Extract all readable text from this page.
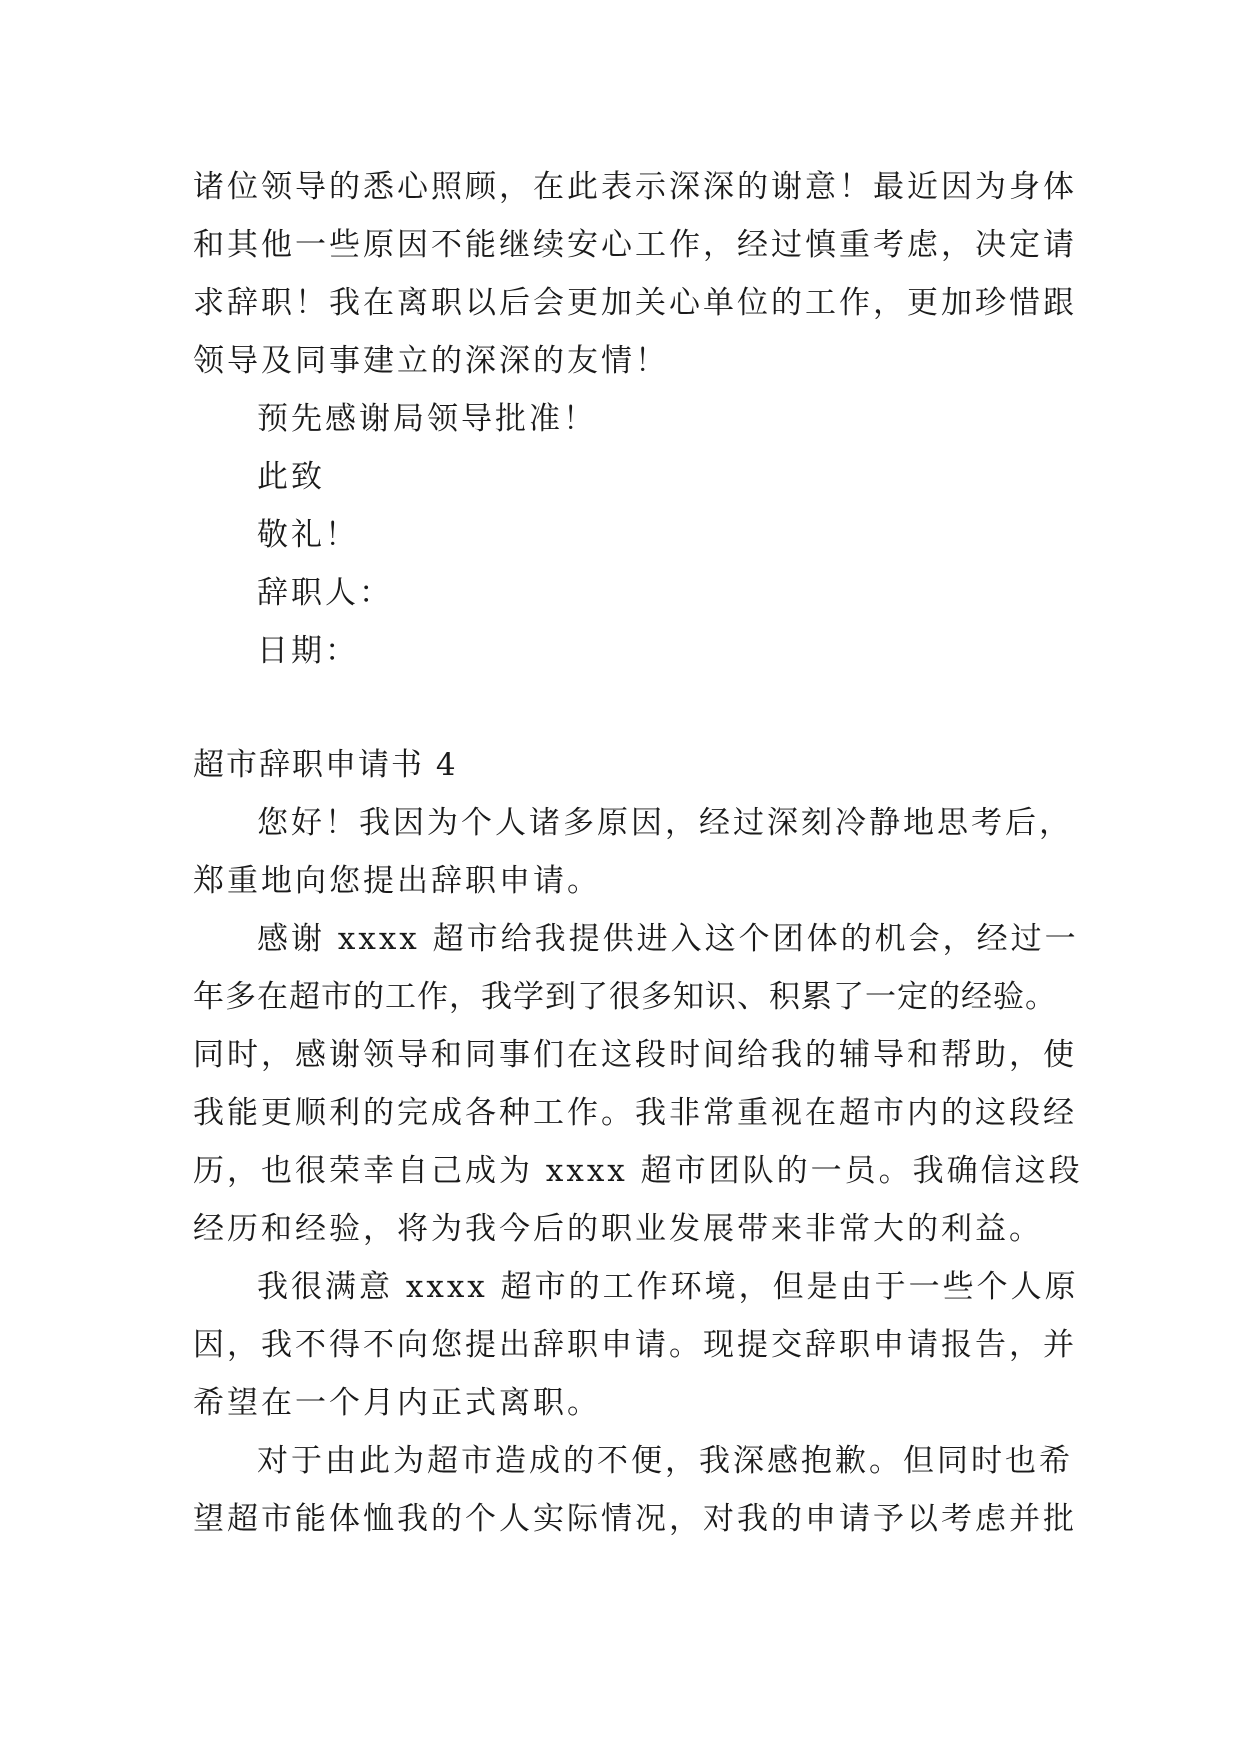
诸位领导的悉心照顾，在此表示深深的谢意！最近因为身体
和其他一些原因不能继续安心工作，经过慎重考虑，决定请
求辞职！我在离职以后会更加关心单位的工作，更加珍惜跟
领导及同事建立的深深的友情！
预先感谢局领导批准！
此致
敬礼！
辞职人：
日期：
超市辞职申请书 4
您好！我因为个人诸多原因，经过深刻冷静地思考后，
郑重地向您提出辞职申请。
感谢 xxxx 超市给我提供进入这个团体的机会，经过一
年多在超市的工作，我学到了很多知识、积累了一定的经验。
同时，感谢领导和同事们在这段时间给我的辅导和帮助，使
我能更顺利的完成各种工作。我非常重视在超市内的这段经
历，也很荣幸自己成为 xxxx 超市团队的一员。我确信这段
经历和经验，将为我今后的职业发展带来非常大的利益。
我很满意 xxxx 超市的工作环境，但是由于一些个人原
因，我不得不向您提出辞职申请。现提交辞职申请报告，并
希望在一个月内正式离职。
对于由此为超市造成的不便，我深感抱歉。但同时也希
望超市能体恤我的个人实际情况，对我的申请予以考虑并批
